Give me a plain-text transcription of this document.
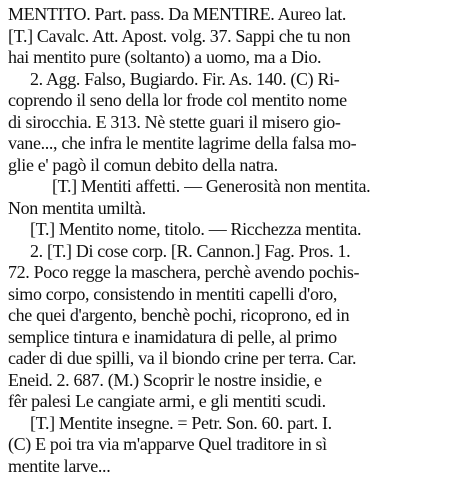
MENTITO. Part. pass. Da MENTIRE. Aureo lat.
[T.] Cavalc. Att. Apost. volg. 37. Sappi che tu non
hai mentito pure (soltanto) a uomo, ma a Dio.
2. Agg. Falso, Bugiardo. Fir. As. 140. (C) Ri-
coprendo il seno della lor frode col mentito nome
di sirocchia. E 313. Nè stette guari il misero gio-
vane..., che infra le mentite lagrime della falsa mo-
glie e' pagò il comun debito della natra.
[T.] Mentiti affetti. — Generosità non mentita.
Non mentita umiltà.
[T.] Mentito nome, titolo. — Ricchezza mentita.
2. [T.] Di cose corp. [R. Cannon.] Fag. Pros. 1.
72. Poco regge la maschera, perchè avendo pochis-
simo corpo, consistendo in mentiti capelli d'oro,
che quei d'argento, benchè pochi, ricoprono, ed in
semplice tintura e inamidatura di pelle, al primo
cader di due spilli, va il biondo crine per terra. Car.
Eneid. 2. 687. (M.) Scoprir le nostre insidie, e
fêr palesi Le cangiate armi, e gli mentiti scudi.
[T.] Mentite insegne. = Petr. Son. 60. part. I.
(C) E poi tra via m'apparve Quel traditore in sì
mentite larve...
